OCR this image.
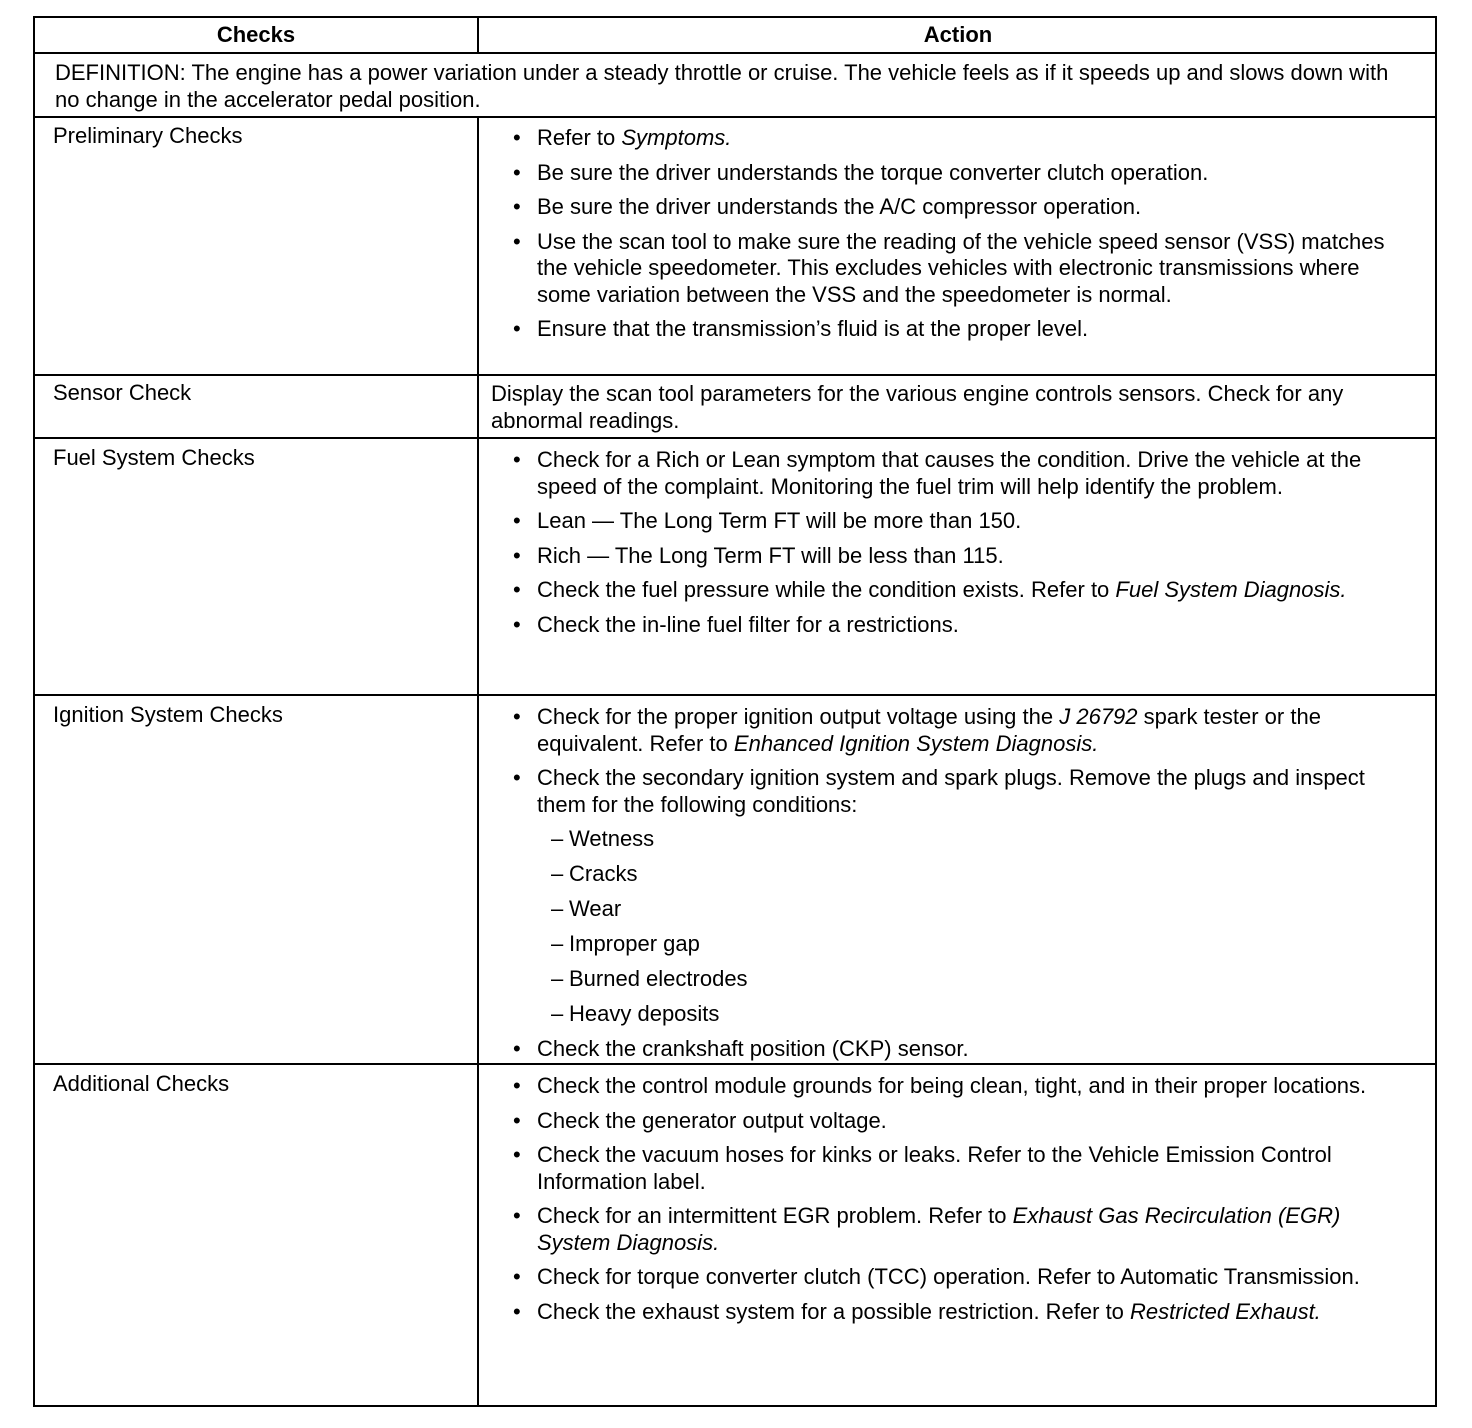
Checks	Action
DEFINITION: The engine has a power variation under a steady throttle or cruise. The vehicle feels as if it speeds up and slows down with no change in the accelerator pedal position.
Preliminary Checks	• Refer to Symptoms.
• Be sure the driver understands the torque converter clutch operation.
• Be sure the driver understands the A/C compressor operation.
• Use the scan tool to make sure the reading of the vehicle speed sensor (VSS) matches the vehicle speedometer. This excludes vehicles with electronic transmissions where some variation between the VSS and the speedometer is normal.
• Ensure that the transmission’s fluid is at the proper level.
Sensor Check	Display the scan tool parameters for the various engine controls sensors. Check for any abnormal readings.
Fuel System Checks	• Check for a Rich or Lean symptom that causes the condition. Drive the vehicle at the speed of the complaint. Monitoring the fuel trim will help identify the problem.
• Lean — The Long Term FT will be more than 150.
• Rich — The Long Term FT will be less than 115.
• Check the fuel pressure while the condition exists. Refer to Fuel System Diagnosis.
• Check the in-line fuel filter for a restrictions.
Ignition System Checks	• Check for the proper ignition output voltage using the J 26792 spark tester or the equivalent. Refer to Enhanced Ignition System Diagnosis.
• Check the secondary ignition system and spark plugs. Remove the plugs and inspect them for the following conditions:
– Wetness
– Cracks
– Wear
– Improper gap
– Burned electrodes
– Heavy deposits
• Check the crankshaft position (CKP) sensor.
Additional Checks	• Check the control module grounds for being clean, tight, and in their proper locations.
• Check the generator output voltage.
• Check the vacuum hoses for kinks or leaks. Refer to the Vehicle Emission Control Information label.
• Check for an intermittent EGR problem. Refer to Exhaust Gas Recirculation (EGR) System Diagnosis.
• Check for torque converter clutch (TCC) operation. Refer to Automatic Transmission.
• Check the exhaust system for a possible restriction. Refer to Restricted Exhaust.
